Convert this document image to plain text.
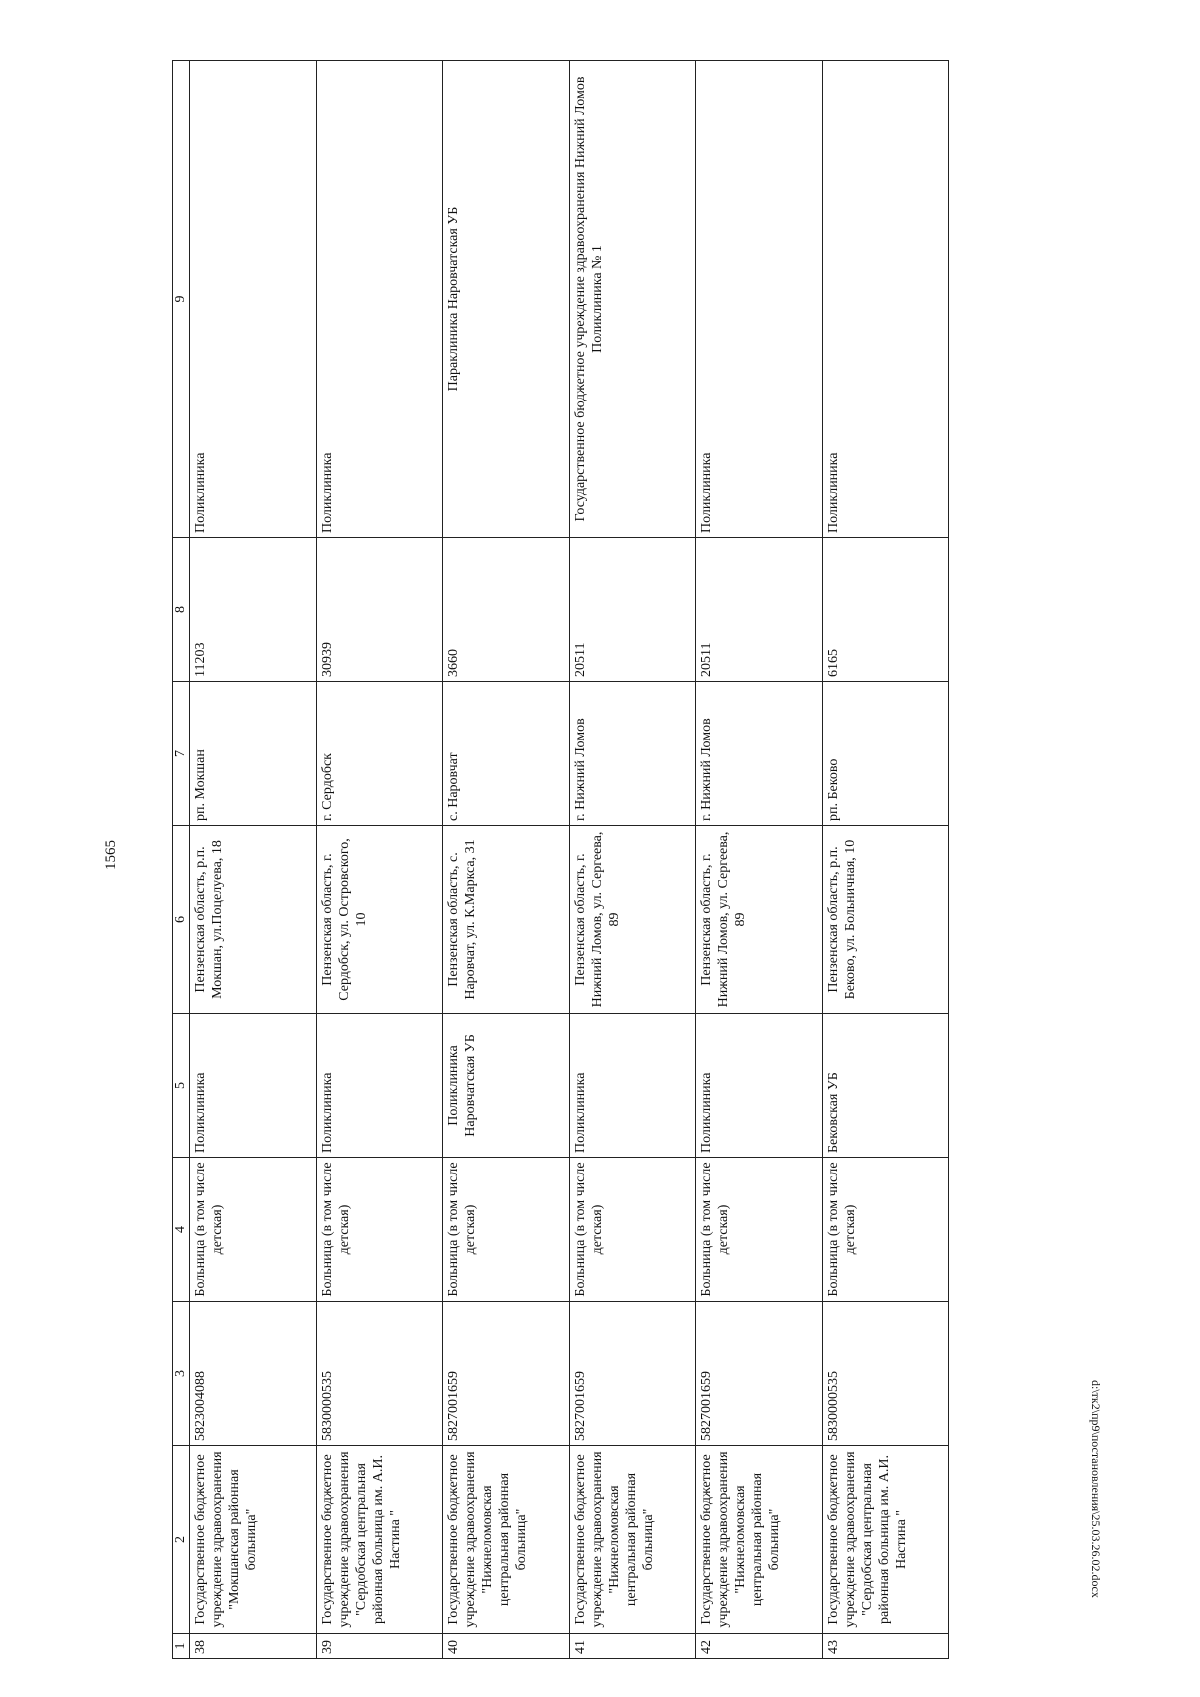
1565
1	2	3	4	5	6	7	8	9
38	Государственное бюджетное учреждение здравоохранения "Мокшанская районная больница"	5823004088	Больница (в том числе детская)	Поликлиника	Пензенская область, р.п. Мокшан, ул.Поцелуева, 18	рп. Мокшан	11203	Поликлиника
39	Государственное бюджетное учреждение здравоохранения "Сердобская центральная районная больница им. А.И. Настина "	5830000535	Больница (в том числе детская)	Поликлиника	Пензенская область, г. Сердобск, ул. Островского, 10	г. Сердобск	30939	Поликлиника
40	Государственное бюджетное учреждение здравоохранения "Нижнеломовская центральная районная больница"	5827001659	Больница (в том числе детская)	Поликлиника Наровчатская УБ	Пензенская область, с. Наровчат, ул. К.Маркса, 31	с. Наровчат	3660	Параклиника Наровчатская УБ
41	Государственное бюджетное учреждение здравоохранения "Нижнеломовская центральная районная больница"	5827001659	Больница (в том числе детская)	Поликлиника	Пензенская область, г. Нижний Ломов, ул. Сергеева, 89	г. Нижний Ломов	20511	Государственное бюджетное учреждение здравоохранения Нижний Ломов Поликлиника № 1
42	Государственное бюджетное учреждение здравоохранения "Нижнеломовская центральная районная больница"	5827001659	Больница (в том числе детская)	Поликлиника	Пензенская область, г. Нижний Ломов, ул. Сергеева, 89	г. Нижний Ломов	20511	Поликлиника
43	Государственное бюджетное учреждение здравоохранения "Сердобская центральная районная больница им. А.И. Настина "	5830000535	Больница (в том числе детская)	Бековская УБ	Пензенская область, р.п. Беково, ул. Больничная, 10	рп. Беково	6165	Поликлиника
d:\тк2\пр9\постановления\25.03.26.02.docx
